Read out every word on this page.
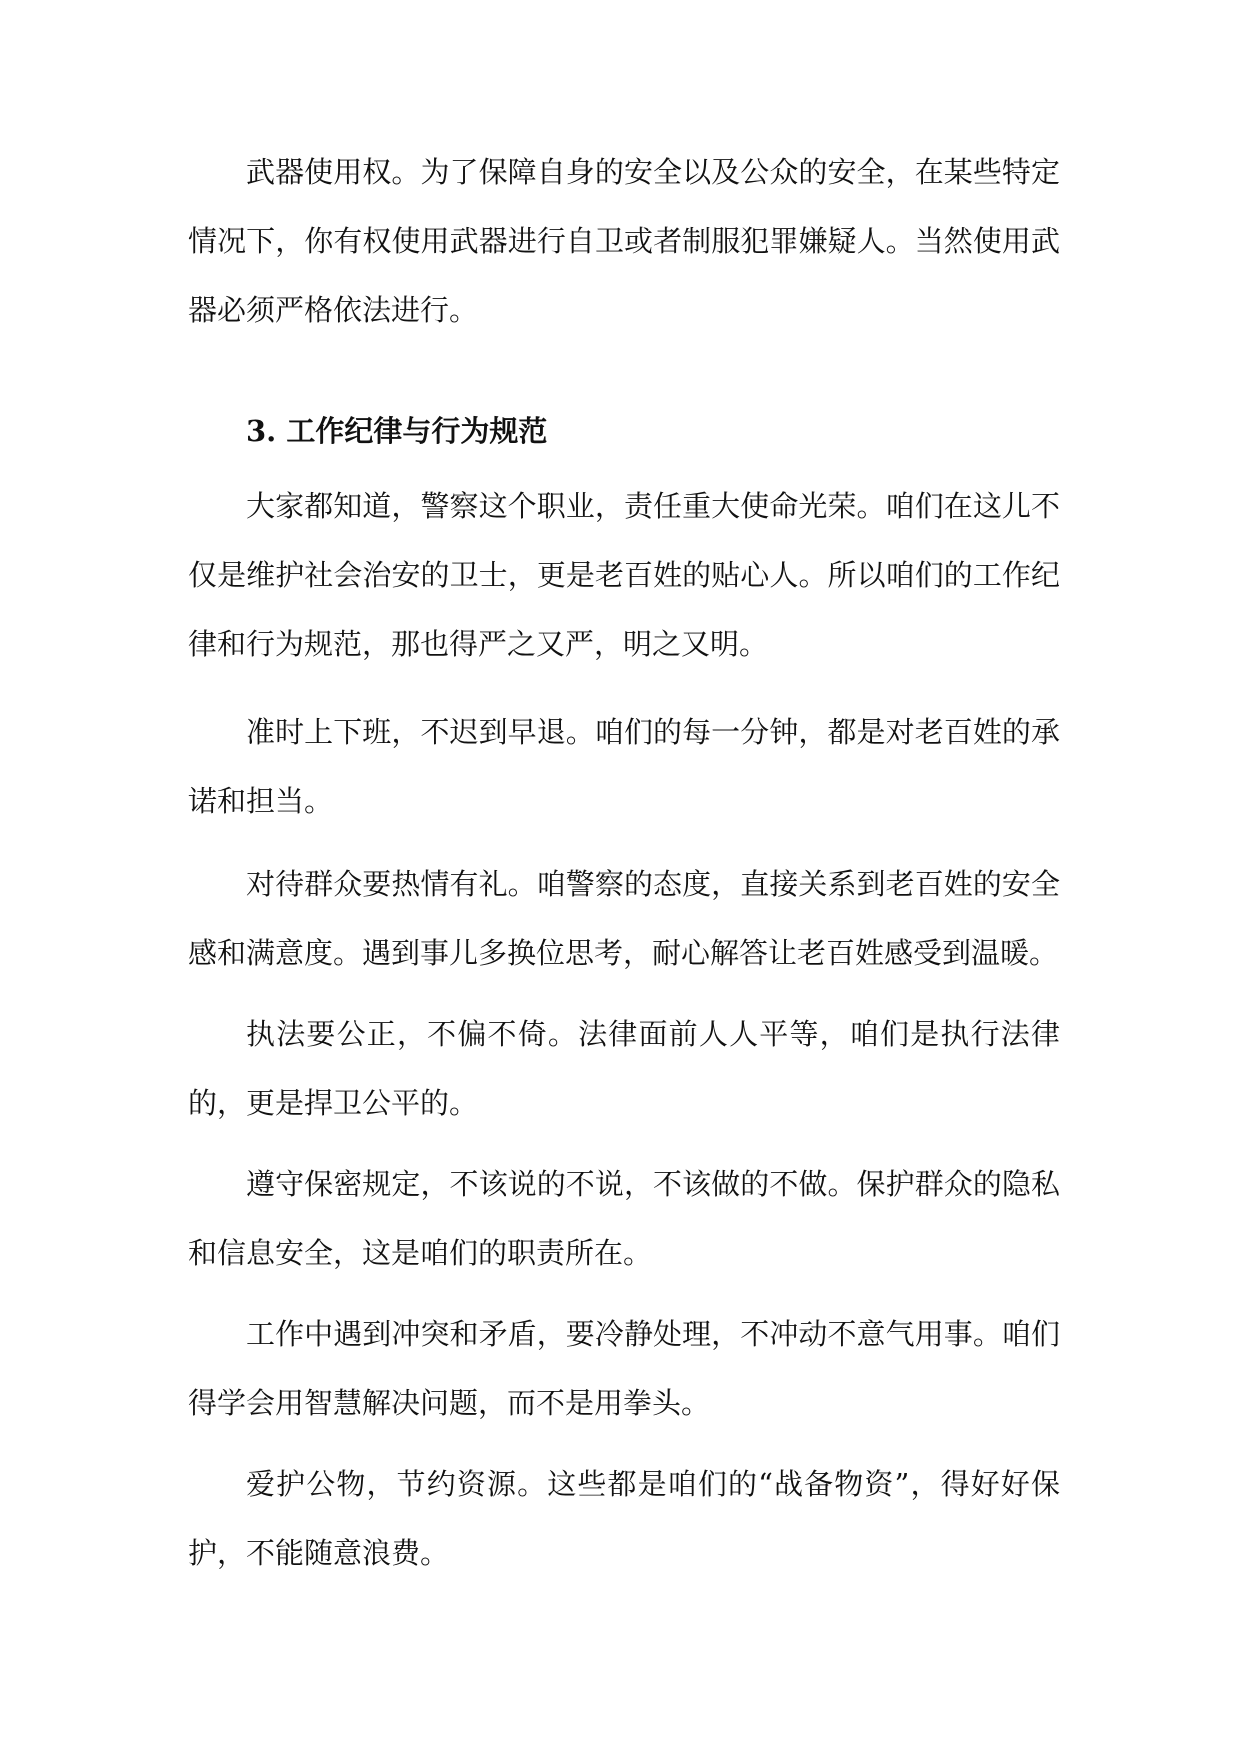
武器使用权。为了保障自身的安全以及公众的安全，在某些特定情况下，你有权使用武器进行自卫或者制服犯罪嫌疑人。当然使用武器必须严格依法进行。

3. 工作纪律与行为规范

大家都知道，警察这个职业，责任重大使命光荣。咱们在这儿不仅是维护社会治安的卫士，更是老百姓的贴心人。所以咱们的工作纪律和行为规范，那也得严之又严，明之又明。

准时上下班，不迟到早退。咱们的每一分钟，都是对老百姓的承诺和担当。

对待群众要热情有礼。咱警察的态度，直接关系到老百姓的安全感和满意度。遇到事儿多换位思考，耐心解答让老百姓感受到温暖。

执法要公正，不偏不倚。法律面前人人平等，咱们是执行法律的，更是捍卫公平的。

遵守保密规定，不该说的不说，不该做的不做。保护群众的隐私和信息安全，这是咱们的职责所在。

工作中遇到冲突和矛盾，要冷静处理，不冲动不意气用事。咱们得学会用智慧解决问题，而不是用拳头。

爱护公物，节约资源。这些都是咱们的“战备物资”，得好好保护，不能随意浪费。
